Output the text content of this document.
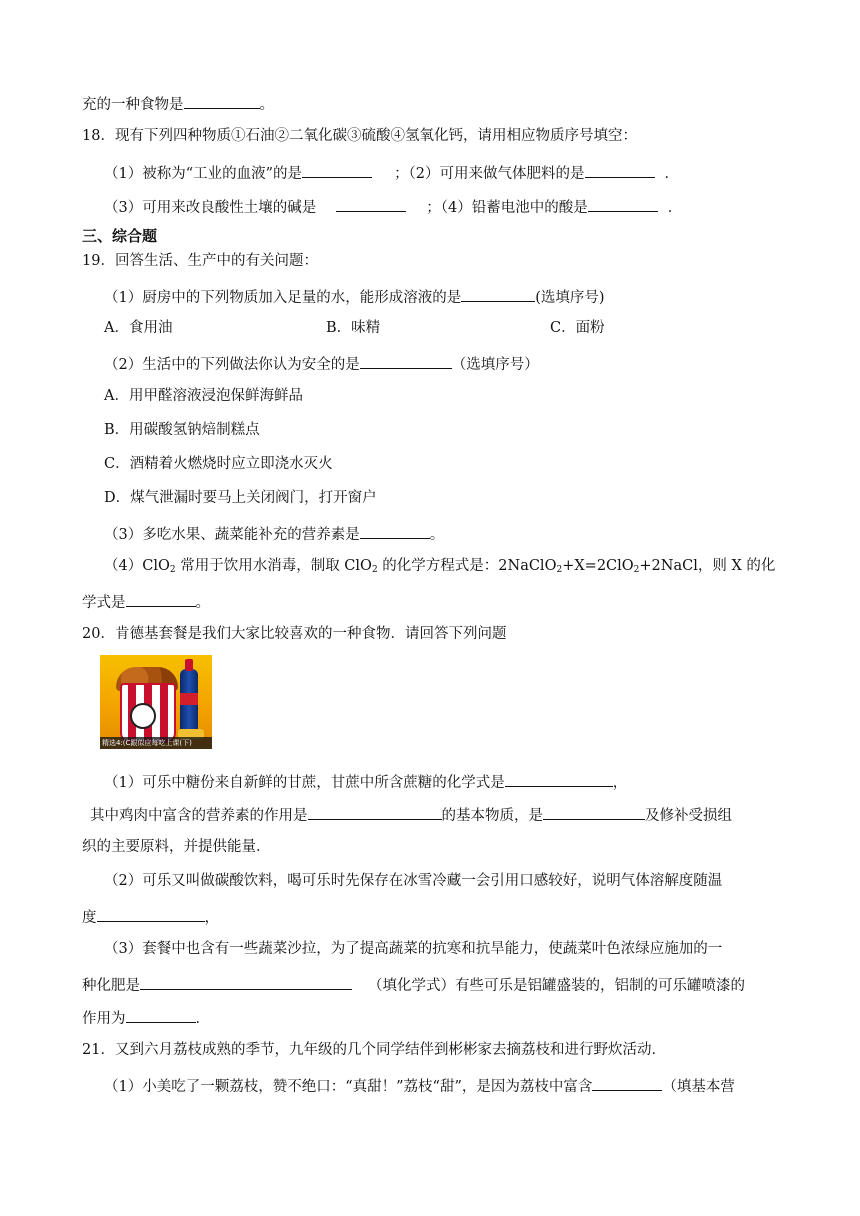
充的一种食物是	。
18．现有下列四种物质①石油②二氧化碳③硫酸④氢氧化钙，请用相应物质序号填空：
（1）被称为“工业的血液”的是	；（2）可用来做气体肥料的是	．
（3）可用来改良酸性土壤的碱是	；（4）铅蓄电池中的酸是	．
三、综合题
19．回答生活、生产中的有关问题：
（1）厨房中的下列物质加入足量的水，能形成溶液的是	(选填序号)
A．食用油	B．味精	C．面粉
（2）生活中的下列做法你认为安全的是	（选填序号）
A．用甲醛溶液浸泡保鲜海鲜品
B．用碳酸氢钠焙制糕点
C．酒精着火燃烧时应立即浇水灭火
D．煤气泄漏时要马上关闭阀门，打开窗户
（3）多吃水果、蔬菜能补充的营养素是	。
（4）ClO$_2$ 常用于饮用水消毒，制取 ClO$_2$ 的化学方程式是：2NaClO$_2$+X=2ClO$_2$+2NaCl，则 X 的化
学式是	。
20．肯德基套餐是我们大家比较喜欢的一种食物．请回答下列问题
精选4:(C跟似应每吃上课(下)
（1）可乐中糖份来自新鲜的甘蔗，甘蔗中所含蔗糖的化学式是	，
其中鸡肉中富含的营养素的作用是	的基本物质，是	及修补受损组
织的主要原料，并提供能量．
（2）可乐又叫做碳酸饮料，喝可乐时先保存在冰雪冷藏一会引用口感较好，说明气体溶解度随温
度	，
（3）套餐中也含有一些蔬菜沙拉，为了提高蔬菜的抗寒和抗旱能力，使蔬菜叶色浓绿应施加的一
种化肥是	（填化学式）有些可乐是铝罐盛装的，铝制的可乐罐喷漆的
作用为	．
21．又到六月荔枝成熟的季节，九年级的几个同学结伴到彬彬家去摘荔枝和进行野炊活动．
（1）小美吃了一颗荔枝，赞不绝口：“真甜！”荔枝“甜”，是因为荔枝中富含	（填基本营
